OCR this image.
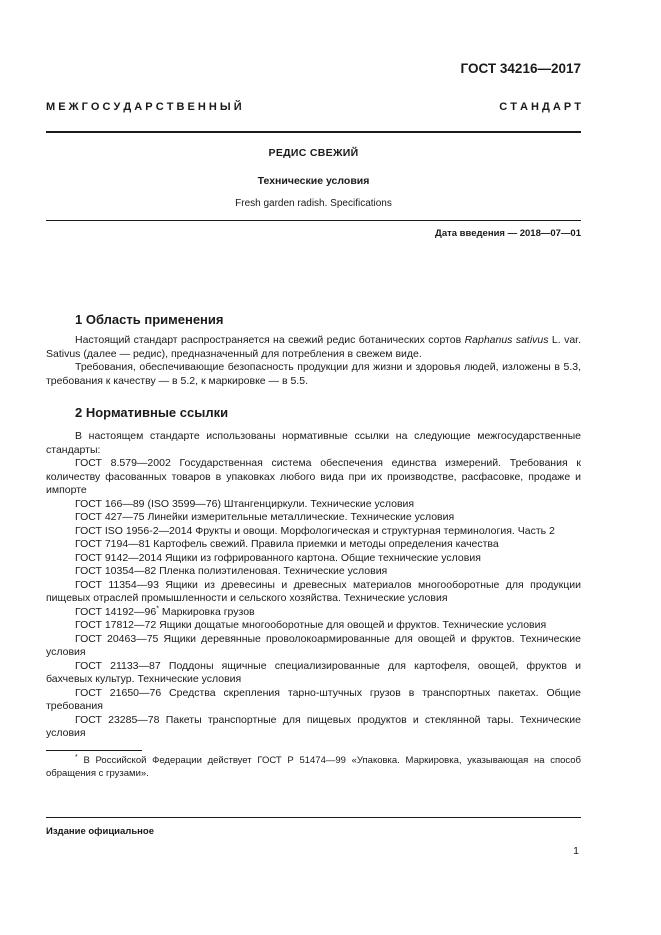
ГОСТ 34216—2017
М Е Ж Г О С У Д А Р С Т В Е Н Н Ы Й	С Т А Н Д А Р Т
РЕДИС СВЕЖИЙ
Технические условия
Fresh garden radish. Specifications
Дата введения — 2018—07—01
1 Область применения

Настоящий стандарт распространяется на свежий редис ботанических сортов Raphanus sativus L. var. Sativus (далее — редис), предназначенный для потребления в свежем виде.

Требования, обеспечивающие безопасность продукции для жизни и здоровья людей, изложены в 5.3, требования к качеству — в 5.2, к маркировке — в 5.5.

2 Нормативные ссылки

В настоящем стандарте использованы нормативные ссылки на следующие межгосударственные стандарты:

ГОСТ 8.579—2002 Государственная система обеспечения единства измерений. Требования к количеству фасованных товаров в упаковках любого вида при их производстве, расфасовке, продаже и импорте

ГОСТ 166—89 (ISO 3599—76) Штангенциркули. Технические условия

ГОСТ 427—75 Линейки измерительные металлические. Технические условия

ГОСТ ISO 1956-2—2014 Фрукты и овощи. Морфологическая и структурная терминология. Часть 2

ГОСТ 7194—81 Картофель свежий. Правила приемки и методы определения качества

ГОСТ 9142—2014 Ящики из гофрированного картона. Общие технические условия

ГОСТ 10354—82 Пленка полиэтиленовая. Технические условия

ГОСТ 11354—93 Ящики из древесины и древесных материалов многооборотные для продукции пищевых отраслей промышленности и сельского хозяйства. Технические условия

ГОСТ 14192—96* Маркировка грузов

ГОСТ 17812—72 Ящики дощатые многооборотные для овощей и фруктов. Технические условия

ГОСТ 20463—75 Ящики деревянные проволокоармированные для овощей и фруктов. Технические условия

ГОСТ 21133—87 Поддоны ящичные специализированные для картофеля, овощей, фруктов и бахчевых культур. Технические условия

ГОСТ 21650—76 Средства скрепления тарно-штучных грузов в транспортных пакетах. Общие требования

ГОСТ 23285—78 Пакеты транспортные для пищевых продуктов и стеклянной тары. Технические условия

* В Российской Федерации действует ГОСТ Р 51474—99 «Упаковка. Маркировка, указывающая на способ обращения с грузами».

Издание официальное
1
